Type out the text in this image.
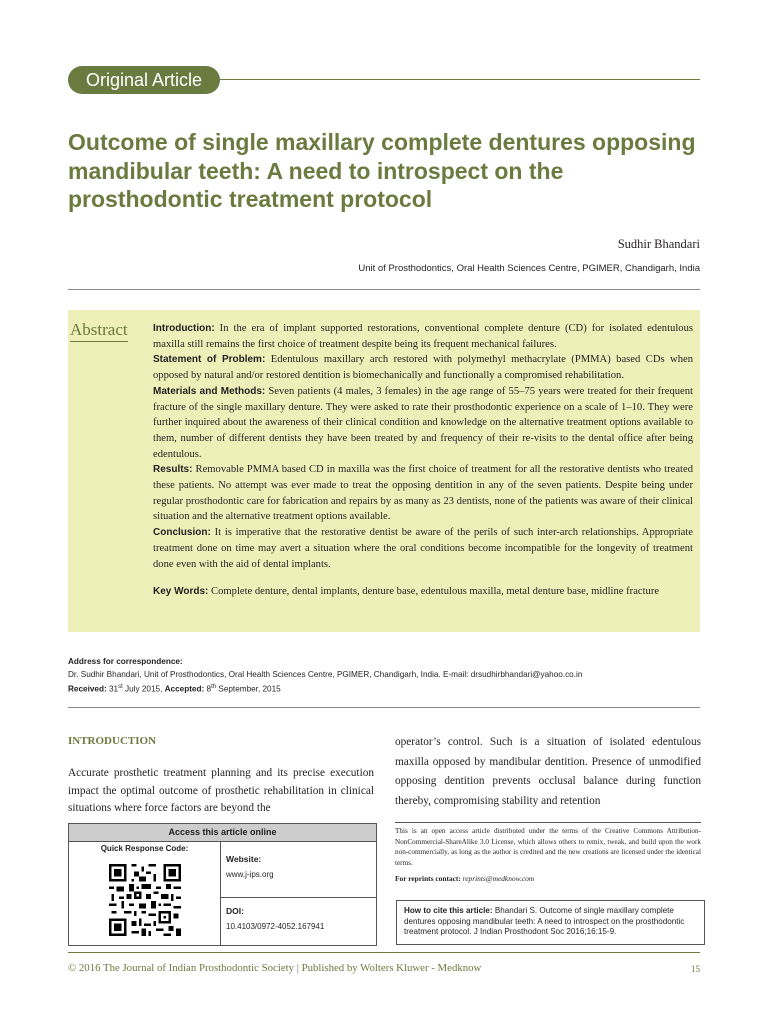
Original Article
Outcome of single maxillary complete dentures opposing mandibular teeth: A need to introspect on the prosthodontic treatment protocol
Sudhir Bhandari
Unit of Prosthodontics, Oral Health Sciences Centre, PGIMER, Chandigarh, India
Abstract	Introduction: In the era of implant supported restorations, conventional complete denture (CD) for isolated edentulous maxilla still remains the first choice of treatment despite being its frequent mechanical failures.

Statement of Problem: Edentulous maxillary arch restored with polymethyl methacrylate (PMMA) based CDs when opposed by natural and/or restored dentition is biomechanically and functionally a compromised rehabilitation.

Materials and Methods: Seven patients (4 males, 3 females) in the age range of 55–75 years were treated for their frequent fracture of the single maxillary denture. They were asked to rate their prosthodontic experience on a scale of 1–10. They were further inquired about the awareness of their clinical condition and knowledge on the alternative treatment options available to them, number of different dentists they have been treated by and frequency of their re-visits to the dental office after being edentulous.

Results: Removable PMMA based CD in maxilla was the first choice of treatment for all the restorative dentists who treated these patients. No attempt was ever made to treat the opposing dentition in any of the seven patients. Despite being under regular prosthodontic care for fabrication and repairs by as many as 23 dentists, none of the patients was aware of their clinical situation and the alternative treatment options available.

Conclusion: It is imperative that the restorative dentist be aware of the perils of such inter-arch relationships. Appropriate treatment done on time may avert a situation where the oral conditions become incompatible for the longevity of treatment done even with the aid of dental implants.

Key Words: Complete denture, dental implants, denture base, edentulous maxilla, metal denture base, midline fracture

Address for correspondence:
Dr. Sudhir Bhandari, Unit of Prosthodontics, Oral Health Sciences Centre, PGIMER, Chandigarh, India. E-mail: drsudhirbhandari@yahoo.co.in
Received: 31st July 2015, Accepted: 8th September, 2015
INTRODUCTION

Accurate prosthetic treatment planning and its precise execution impact the optimal outcome of prosthetic rehabilitation in clinical situations where force factors are beyond the

operator’s control. Such is a situation of isolated edentulous maxilla opposed by mandibular dentition. Presence of unmodified opposing dentition prevents occlusal balance during function thereby, compromising stability and retention

Access this article online
Quick Response Code:
Website:
www.j-ips.org
DOI:
10.4103/0972-4052.167941

This is an open access article distributed under the terms of the Creative Commons Attribution-NonCommercial-ShareAlike 3.0 License, which allows others to remix, tweak, and build upon the work non-commercially, as long as the author is credited and the new creations are licensed under the identical terms.

For reprints contact: reprints@medknow.com
How to cite this article: Bhandari S. Outcome of single maxillary complete dentures opposing mandibular teeth: A need to introspect on the prosthodontic treatment protocol. J Indian Prosthodont Soc 2016;16:15-9.
© 2016 The Journal of Indian Prosthodontic Society | Published by Wolters Kluwer - Medknow	15
